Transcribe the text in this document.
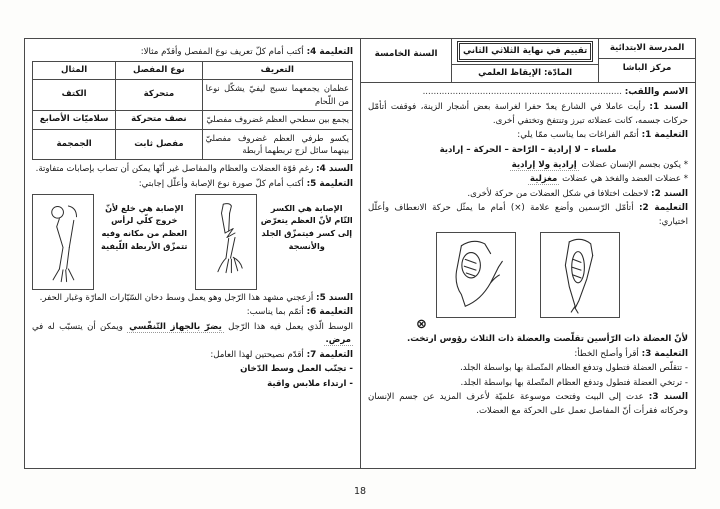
المدرسة الابتدائية
مركز الباشا
تقييم في نهاية الثلاثي الثاني
المادّة: الإيقاظ العلمي
السنة الخامسة
الاسم واللقب: .........................................................................

السند 1: رأيت عاملا في الشارع يعدّ حفرا لغراسة بعض أشجار الزينة، فوقفت أتأمّل حركات جسمه، كانت عضلاته تبرز وتنتفخ وتختفي أخرى.

التعليمة 1: أتمّم الفراغات بما يناسب ممّا يلي:

ملساء – لا إرادية – الرّاحة – الحركة – إرادية

* يكون بجسم الإنسان عضلات إرادية ولا إرادية

* عضلات العضد والفخذ هي عضلات مغزلية

السند 2: لاحظت اختلافا في شكل العضلات من حركة لأخرى.

التعليمة 2: أتأمّل الرّسمين وأضع علامة (×) أمام ما يمثّل حركة الانعطاف وأعلّل اختياري:

⊗

لأنّ العضلة ذات الرّأسين تقلّصت والعضلة ذات الثلاث رؤوس ارتخت.

التعليمة 3: أقرأ وأصلح الخطأ:

- تتقلّص العضلة فتطول وتدفع العظام المتّصلة بها بواسطة الجلد.

- ترتخي العضلة فتطول وتدفع العظام المتّصلة بها بواسطة الجلد.

السند 3: عدت إلى البيت وفتحت موسوعة علميّة لأعرف المزيد عن جسم الإنسان وحركاته فقرأت أنّ المفاصل تعمل على الحركة مع العضلات.

التعليمة 4: أكتب أمام كلّ تعريف نوع المفصل وأقدّم مثالا:

التعريف	نوع المفصل	المثال
عظمان يجمعهما نسيج ليفيّ يشكّل نوعا من اللّحام	متحركة	الكتف
يجمع بين سطحي العظم غضروف مفصليّ	نصف متحركة	سلاميّات الأصابع
يكسو طرفي العظم غضروف مفصليّ بينهما سائل لزج تربطهما أربطة	مفصل ثابت	الجمجمة

السند 4: رغم قوّة العضلات والعظام والمفاصل غير أنّها يمكن أن تصاب بإصابات متفاوتة.

التعليمة 5: أكتب أمام كلّ صورة نوع الإصابة وأعلّل إجابتي:

الإصابة هي الكسر التّام لأنّ العظم يتعرّض إلى كسر فيتمزّق الجلد والأنسجة
الإصابة هي خلع لأنّ خروج كلّي لرأس العظم من مكانه وفيه تتمزّق الأربطة اللّيفية

السند 5: أزعجني مشهد هذا الرّجل وهو يعمل وسط دخان السّيّارات المارّة وغبار الحفر.

التعليمة 6: أتمّم بما يناسب:

الوسط الّذي يعمل فيه هذا الرّجل يضرّ بالجهاز التّنفّسي ويمكن أن يتسبّب له في مرض.

التعليمة 7: أقدّم نصيحتين لهذا العامل:

- تجنّب العمل وسط الدّخان

- ارتداء ملابس واقية

18
